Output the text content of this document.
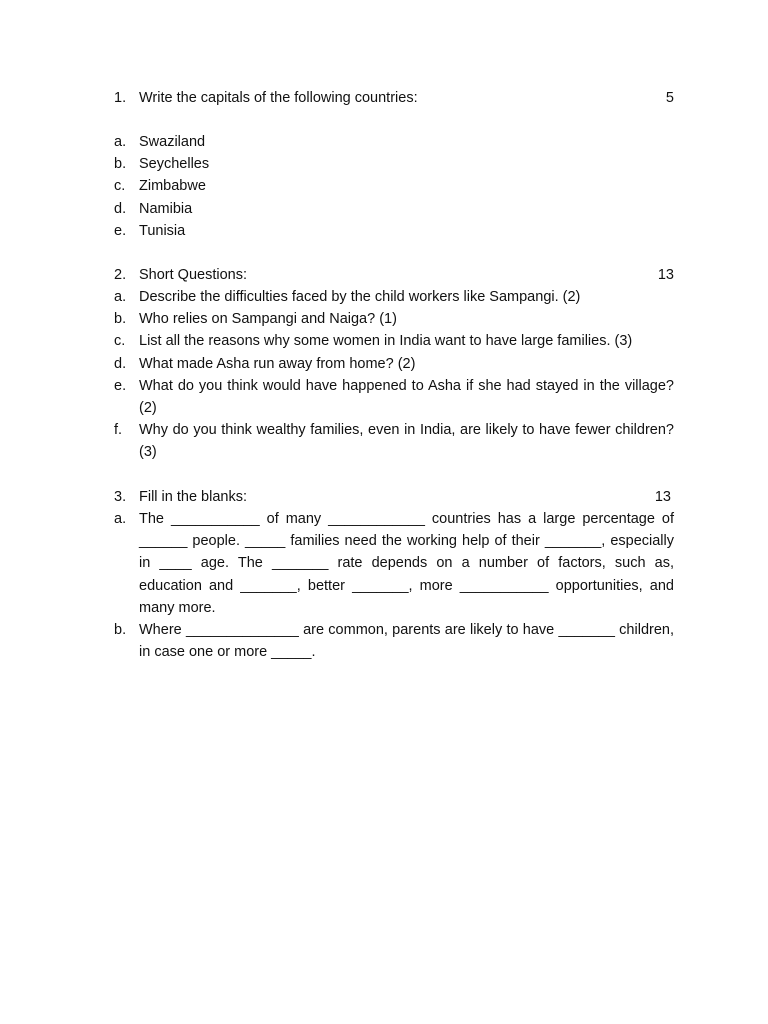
1. Write the capitals of the following countries:	5
a. Swaziland
b. Seychelles
c. Zimbabwe
d. Namibia
e. Tunisia
2. Short Questions:	13
a. Describe the difficulties faced by the child workers like Sampangi. (2)
b. Who relies on Sampangi and Naiga? (1)
c. List all the reasons why some women in India want to have large families. (3)
d. What made Asha run away from home? (2)
e. What do you think would have happened to Asha if she had stayed in the village? (2)
f. Why do you think wealthy families, even in India, are likely to have fewer children? (3)
3. Fill in the blanks:	13
a. The ___________ of many ____________ countries has a large percentage of ______ people. _____ families need the working help of their _______, especially in ____ age. The _______ rate depends on a number of factors, such as, education and _______, better _______, more ___________ opportunities, and many more.
b. Where ______________ are common, parents are likely to have _______ children, in case one or more _____.
